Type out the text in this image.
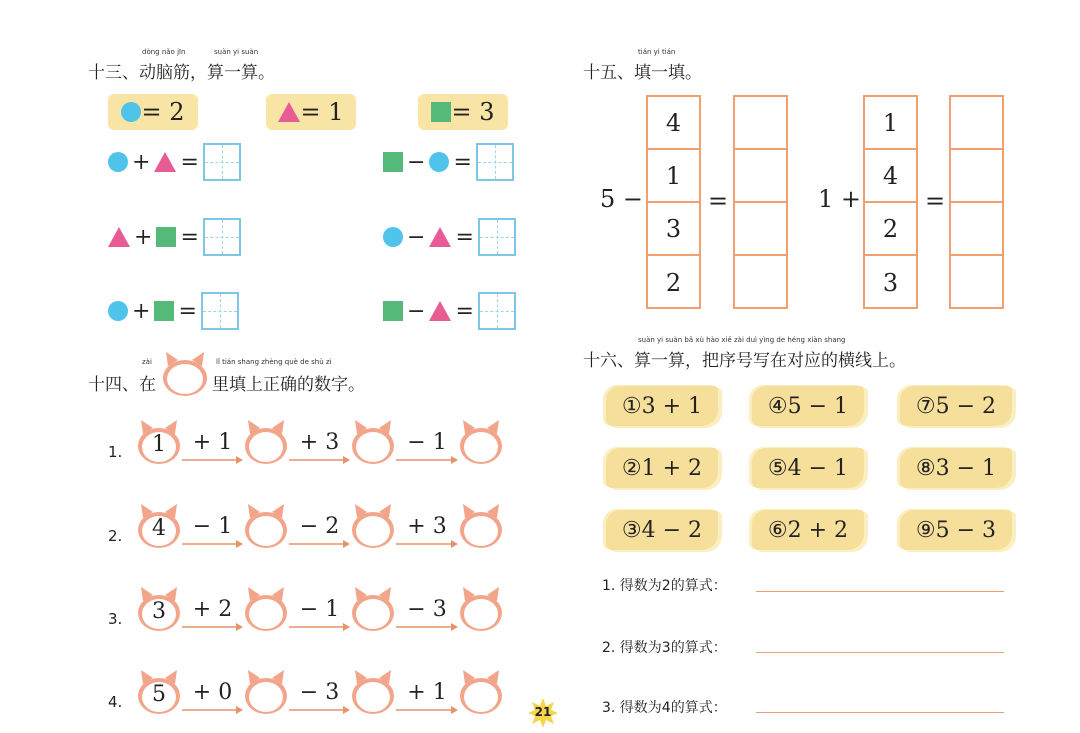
dòng nǎo jīn	suàn yi suàn
十三、动脑筋，算一算。
= 2	= 1	= 3
+ =	− =
+ =	− =
+ =	− =
zài	lǐ tián shang zhèng què de shù zì
十四、在	里填上正确的数字。
1.	1	+ 1	+ 3	− 1
2.	4	− 1	− 2	+ 3
3.	3	+ 2	− 1	− 3
4.	5	+ 0	− 3	+ 1
21
tián yi tián
十五、填一填。
5 −
4
1
3
2
=	1 +
1
4
2
3
=
suàn yi suàn bǎ xù hào xiě zài duì yìng de héng xiàn shang
十六、算一算，把序号写在对应的横线上。
①3 + 1	④5 − 1	⑦5 − 2
②1 + 2	⑤4 − 1	⑧3 − 1
③4 − 2	⑥2 + 2	⑨5 − 3
1. 得数为2的算式：
2. 得数为3的算式：
3. 得数为4的算式：
